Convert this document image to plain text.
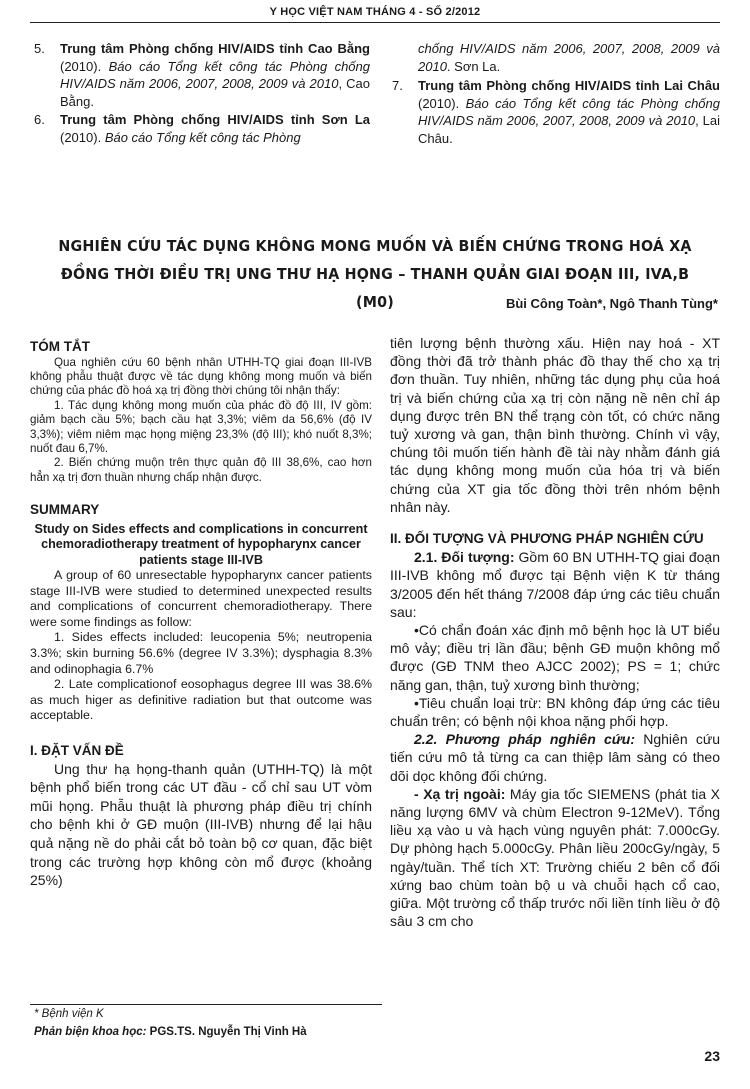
Y HỌC VIỆT NAM THÁNG 4 - SỐ 2/2012

5. Trung tâm Phòng chống HIV/AIDS tỉnh Cao Bằng (2010). Báo cáo Tổng kết công tác Phòng chống HIV/AIDS năm 2006, 2007, 2008, 2009 và 2010, Cao Bằng.

6. Trung tâm Phòng chống HIV/AIDS tỉnh Sơn La (2010). Báo cáo Tổng kết công tác Phòng

chống HIV/AIDS năm 2006, 2007, 2008, 2009 và 2010. Sơn La.

7. Trung tâm Phòng chống HIV/AIDS tỉnh Lai Châu (2010). Báo cáo Tổng kết công tác Phòng chống HIV/AIDS năm 2006, 2007, 2008, 2009 và 2010, Lai Châu.

NGHIÊN CỨU TÁC DỤNG KHÔNG MONG MUỐN VÀ BIẾN CHỨNG TRONG HOÁ XẠ
ĐỒNG THỜI ĐIỀU TRỊ UNG THƯ HẠ HỌNG – THANH QUẢN GIAI ĐOẠN III, IVA,B (M0)	Bùi Công Toàn*, Ngô Thanh Tùng*
TÓM TẮT

Qua nghiên cứu 60 bệnh nhân UTHH-TQ giai đoạn III-IVB không phẫu thuật được về tác dụng không mong muốn và biến chứng của phác đồ hoá xạ trị đồng thời chúng tôi nhận thấy:

1. Tác dụng không mong muốn của phác đồ độ III, IV gồm: giảm bạch cầu 5%; bạch cầu hạt 3,3%; viêm da 56,6% (độ IV 3,3%); viêm niêm mạc họng miệng 23,3% (độ III); khó nuốt 8,3%; nuốt đau 6,7%.

2. Biến chứng muộn trên thực quản độ III 38,6%, cao hơn hẳn xạ trị đơn thuần nhưng chấp nhận được.

SUMMARY
Study on Sides effects and complications in concurrent chemoradiotherapy treatment of hypopharynx cancer patients stage III-IVB

A group of 60 unresectable hypopharynx cancer patients stage III-IVB were studied to determined unexpected results and complications of concurrent chemoradiotherapy. There were some findings as follow:

1. Sides effects included: leucopenia 5%; neutropenia 3.3%; skin burning 56.6% (degree IV 3.3%); dysphagia 8.3% and odinophagia 6.7%

2. Late complicationof eosophagus degree III was 38.6% as much higer as definitive radiation but that outcome was acceptable.

I. ĐẶT VẤN ĐỀ

Ung thư hạ họng-thanh quản (UTHH-TQ) là một bệnh phổ biến trong các UT đầu - cổ chỉ sau UT vòm mũi họng. Phẫu thuật là phương pháp điều trị chính cho bệnh khi ở GĐ muộn (III-IVB) nhưng để lại hậu quả nặng nề do phải cắt bỏ toàn bộ cơ quan, đặc biệt trong các trường hợp không còn mổ được (khoảng 25%)

tiên lượng bệnh thường xấu. Hiện nay hoá - XT đồng thời đã trở thành phác đồ thay thế cho xạ trị đơn thuần. Tuy nhiên, những tác dụng phụ của hoá trị và biến chứng của xạ trị còn nặng nề nên chỉ áp dụng được trên BN thể trạng còn tốt, có chức năng tuỷ xương và gan, thận bình thường. Chính vì vậy, chúng tôi muốn tiến hành đề tài này nhằm đánh giá tác dụng không mong muốn của hóa trị và biến chứng của XT gia tốc đồng thời trên nhóm bệnh nhân này.

II. ĐỐI TƯỢNG VÀ PHƯƠNG PHÁP NGHIÊN CỨU

2.1. Đối tượng: Gồm 60 BN UTHH-TQ giai đoạn III-IVB không mổ được tại Bệnh viện K từ tháng 3/2005 đến hết tháng 7/2008 đáp ứng các tiêu chuẩn sau:

•Có chẩn đoán xác định mô bệnh học là UT biểu mô vảy; điều trị lần đầu; bệnh GĐ muộn không mổ được (GĐ TNM theo AJCC 2002); PS = 1; chức năng gan, thận, tuỷ xương bình thường;

•Tiêu chuẩn loại trừ: BN không đáp ứng các tiêu chuẩn trên; có bệnh nội khoa nặng phối hợp.

2.2. Phương pháp nghiên cứu: Nghiên cứu tiến cứu mô tả từng ca can thiệp lâm sàng có theo dõi dọc không đối chứng.

- Xạ trị ngoài: Máy gia tốc SIEMENS (phát tia X năng lượng 6MV và chùm Electron 9-12MeV). Tổng liều xạ vào u và hạch vùng nguyên phát: 7.000cGy. Dự phòng hạch 5.000cGy. Phân liều 200cGy/ngày, 5 ngày/tuần. Thể tích XT: Trường chiếu 2 bên cổ đối xứng bao chùm toàn bộ u và chuỗi hạch cổ cao, giữa. Một trường cổ thấp trước nối liền tính liều ở độ sâu 3 cm cho

* Bệnh viện K
Phản biện khoa học: PGS.TS. Nguyễn Thị Vinh Hà
23
